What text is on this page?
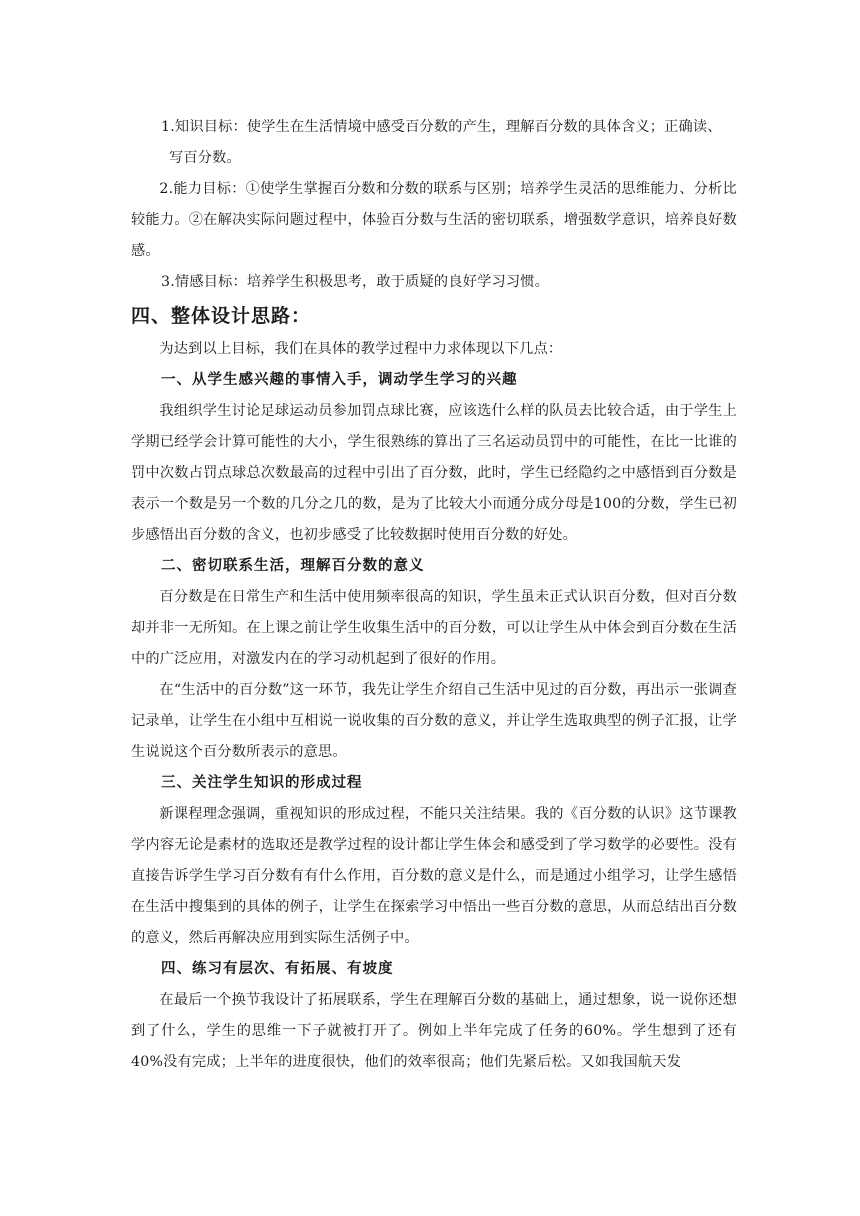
1.知识目标：使学生在生活情境中感受百分数的产生，理解百分数的具体含义；正确读、
写百分数。

2.能力目标：①使学生掌握百分数和分数的联系与区别；培养学生灵活的思维能力、分析比较能力。②在解决实际问题过程中，体验百分数与生活的密切联系，增强数学意识，培养良好数感。

3.情感目标：培养学生积极思考，敢于质疑的良好学习习惯。

四、整体设计思路：

为达到以上目标，我们在具体的教学过程中力求体现以下几点：

一、从学生感兴趣的事情入手，调动学生学习的兴趣

我组织学生讨论足球运动员参加罚点球比赛，应该选什么样的队员去比较合适，由于学生上学期已经学会计算可能性的大小，学生很熟练的算出了三名运动员罚中的可能性，在比一比谁的罚中次数占罚点球总次数最高的过程中引出了百分数，此时，学生已经隐约之中感悟到百分数是表示一个数是另一个数的几分之几的数，是为了比较大小而通分成分母是100的分数，学生已初步感悟出百分数的含义，也初步感受了比较数据时使用百分数的好处。

二、密切联系生活，理解百分数的意义

百分数是在日常生产和生活中使用频率很高的知识，学生虽未正式认识百分数，但对百分数却并非一无所知。在上课之前让学生收集生活中的百分数，可以让学生从中体会到百分数在生活中的广泛应用，对激发内在的学习动机起到了很好的作用。

在“生活中的百分数”这一环节，我先让学生介绍自己生活中见过的百分数，再出示一张调查记录单，让学生在小组中互相说一说收集的百分数的意义，并让学生选取典型的例子汇报，让学生说说这个百分数所表示的意思。

三、关注学生知识的形成过程

新课程理念强调，重视知识的形成过程，不能只关注结果。我的《百分数的认识》这节课教学内容无论是素材的选取还是教学过程的设计都让学生体会和感受到了学习数学的必要性。没有直接告诉学生学习百分数有有什么作用，百分数的意义是什么，而是通过小组学习，让学生感悟在生活中搜集到的具体的例子，让学生在探索学习中悟出一些百分数的意思，从而总结出百分数的意义，然后再解决应用到实际生活例子中。

四、练习有层次、有拓展、有坡度

在最后一个换节我设计了拓展联系，学生在理解百分数的基础上，通过想象，说一说你还想到了什么，学生的思维一下子就被打开了。例如上半年完成了任务的60%。学生想到了还有40%没有完成；上半年的进度很快，他们的效率很高；他们先紧后松。又如我国航天发
